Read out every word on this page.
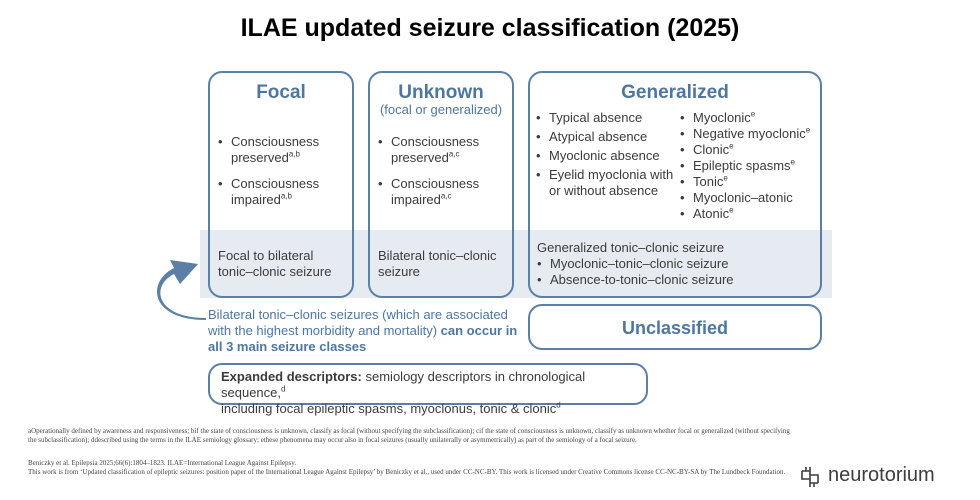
ILAE updated seizure classification (2025)
Focal
• Consciousness preserved$^{a,b}$
• Consciousness impaired$^{a,b}$
Focal to bilateral tonic–clonic seizure
Unknown
(focal or generalized)
• Consciousness preserved$^{a,c}$
• Consciousness impaired$^{a,c}$
Bilateral tonic–clonic seizure
Generalized
• Typical absence
• Atypical absence
• Myoclonic absence
• Eyelid myoclonia with or without absence
• Myoclonic$^e$
• Negative myoclonic$^e$
• Clonic$^e$
• Epileptic spasms$^e$
• Tonic$^e$
• Myoclonic–atonic
• Atonic$^e$
Generalized tonic–clonic seizure
• Myoclonic–tonic–clonic seizure
• Absence-to-tonic–clonic seizure
Bilateral tonic–clonic seizures (which are associated with the highest morbidity and mortality) can occur in all 3 main seizure classes
Unclassified
Expanded descriptors: semiology descriptors in chronological sequence,$^d$
including focal epileptic spasms, myoclonus, tonic & clonic$^d$
aOperationally defined by awareness and responsiveness; bif the state of consciousness is unknown, classify as focal (without specifying the subclassification); cif the state of consciousness is unknown, classify as unknown whether focal or generalized (without specifying the subclassification); ddescribed using the terms in the ILAE semiology glossary; ethese phenomena may occur also in focal seizures (usually unilaterally or asymmetrically) as part of the semiology of a focal seizure.
Beniczky et al. Epilepsia 2025;66(6):1804–1823. ILAE=International League Against Epilepsy.
This work is from ‘Updated classification of epileptic seizures: position paper of the International League Against Epilepsy’ by Beniczky et al., used under CC-NC-BY. This work is licensed under Creative Commons license CC-NC-BY-SA by The Lundbeck Foundation.	neurotorium
